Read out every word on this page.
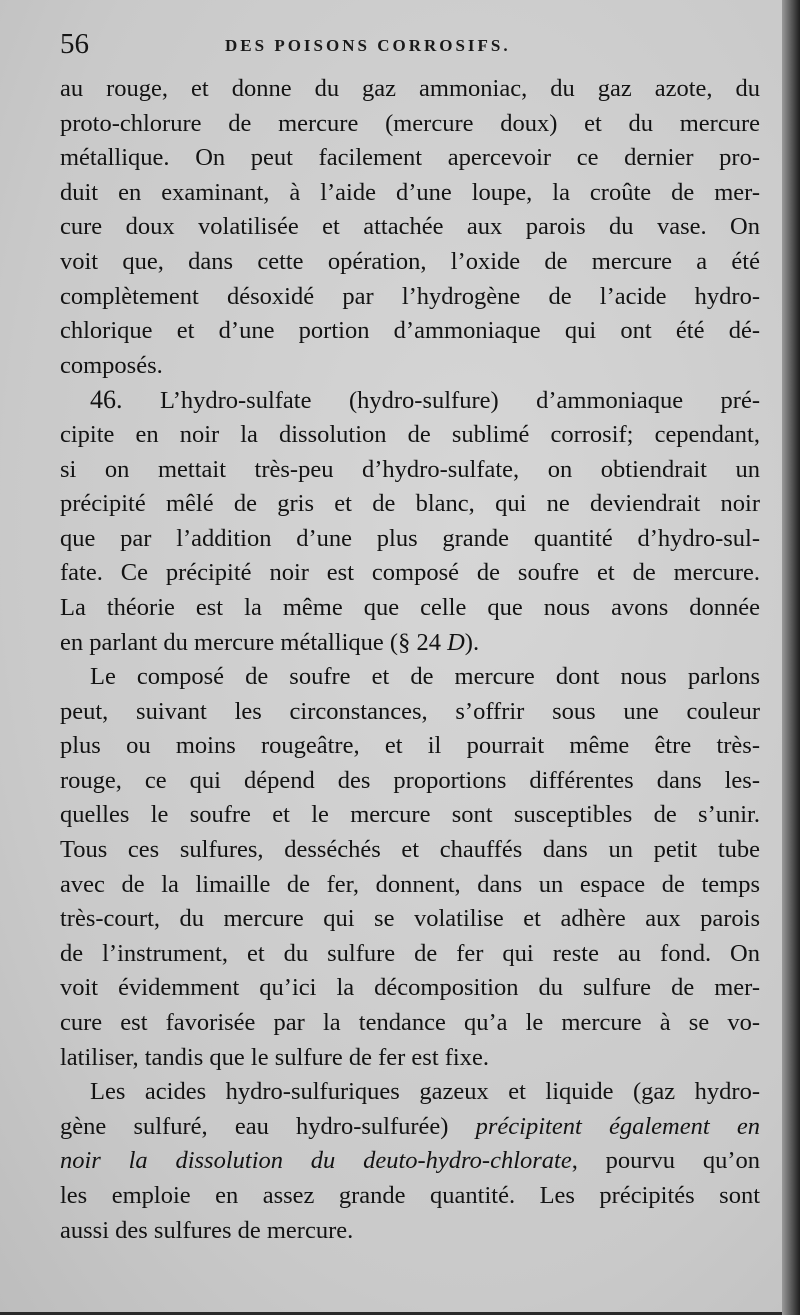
56	DES POISONS CORROSIFS.
au rouge, et donne du gaz ammoniac, du gaz azote, du
proto-chlorure de mercure (mercure doux) et du mercure
métallique. On peut facilement apercevoir ce dernier pro-
duit en examinant, à l’aide d’une loupe, la croûte de mer-
cure doux volatilisée et attachée aux parois du vase. On
voit que, dans cette opération, l’oxide de mercure a été
complètement désoxidé par l’hydrogène de l’acide hydro-
chlorique et d’une portion d’ammoniaque qui ont été dé-
composés.
46. L’hydro-sulfate (hydro-sulfure) d’ammoniaque pré-
cipite en noir la dissolution de sublimé corrosif; cependant,
si on mettait très-peu d’hydro-sulfate, on obtiendrait un
précipité mêlé de gris et de blanc, qui ne deviendrait noir
que par l’addition d’une plus grande quantité d’hydro-sul-
fate. Ce précipité noir est composé de soufre et de mercure.
La théorie est la même que celle que nous avons donnée
en parlant du mercure métallique (§ 24 D).
Le composé de soufre et de mercure dont nous parlons
peut, suivant les circonstances, s’offrir sous une couleur
plus ou moins rougeâtre, et il pourrait même être très-
rouge, ce qui dépend des proportions différentes dans les-
quelles le soufre et le mercure sont susceptibles de s’unir.
Tous ces sulfures, desséchés et chauffés dans un petit tube
avec de la limaille de fer, donnent, dans un espace de temps
très-court, du mercure qui se volatilise et adhère aux parois
de l’instrument, et du sulfure de fer qui reste au fond. On
voit évidemment qu’ici la décomposition du sulfure de mer-
cure est favorisée par la tendance qu’a le mercure à se vo-
latiliser, tandis que le sulfure de fer est fixe.
Les acides hydro-sulfuriques gazeux et liquide (gaz hydro-
gène sulfuré, eau hydro-sulfurée) précipitent également en
noir la dissolution du deuto-hydro-chlorate, pourvu qu’on
les emploie en assez grande quantité. Les précipités sont
aussi des sulfures de mercure.
